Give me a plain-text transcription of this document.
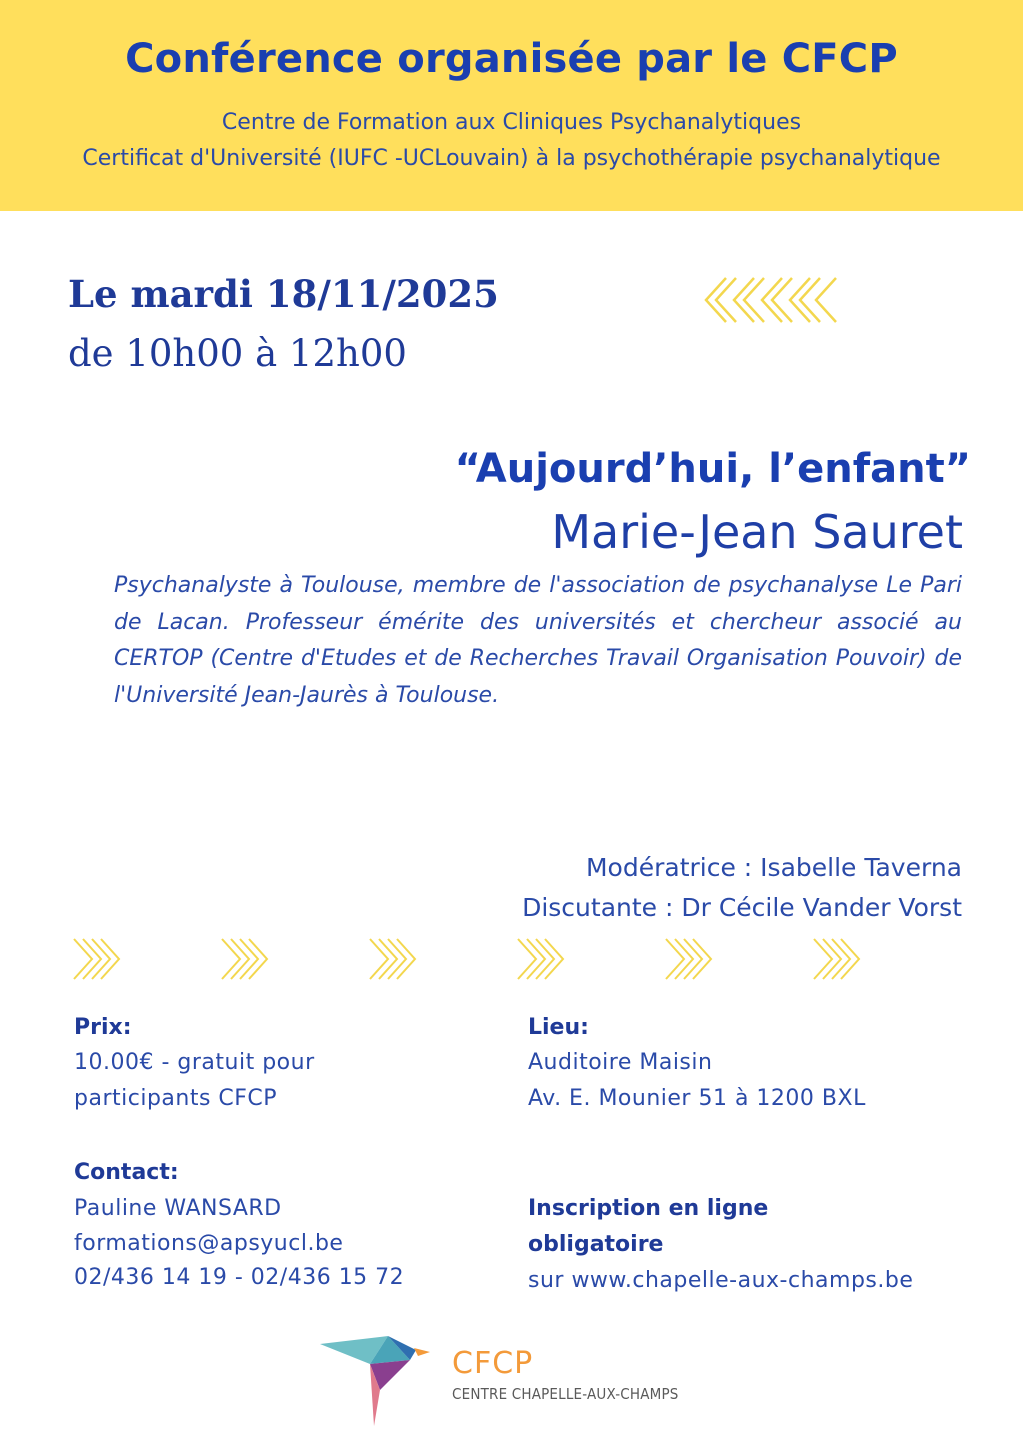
Conférence organisée par le CFCP
Centre de Formation aux Cliniques Psychanalytiques
Certificat d'Université (IUFC -UCLouvain) à la psychothérapie psychanalytique
Le mardi 18/11/2025
de 10h00 à 12h00
“Aujourd’hui, l’enfant”
Marie-Jean Sauret
Psychanalyste à Toulouse, membre de l'association de psychanalyse Le Pari de Lacan. Professeur émérite des universités et chercheur associé au CERTOP (Centre d'Etudes et de Recherches Travail Organisation Pouvoir) de l'Université Jean-Jaurès à Toulouse.
Modératrice : Isabelle Taverna
Discutante : Dr Cécile Vander Vorst
Prix:
10.00€ - gratuit pour
participants CFCP
Lieu:
Auditoire Maisin
Av. E. Mounier 51 à 1200 BXL
Contact:
Pauline WANSARD
formations@apsyucl.be
02/436 14 19 - 02/436 15 72
Inscription en ligne
obligatoire
sur www.chapelle-aux-champs.be
CFCP
CENTRE CHAPELLE-AUX-CHAMPS
